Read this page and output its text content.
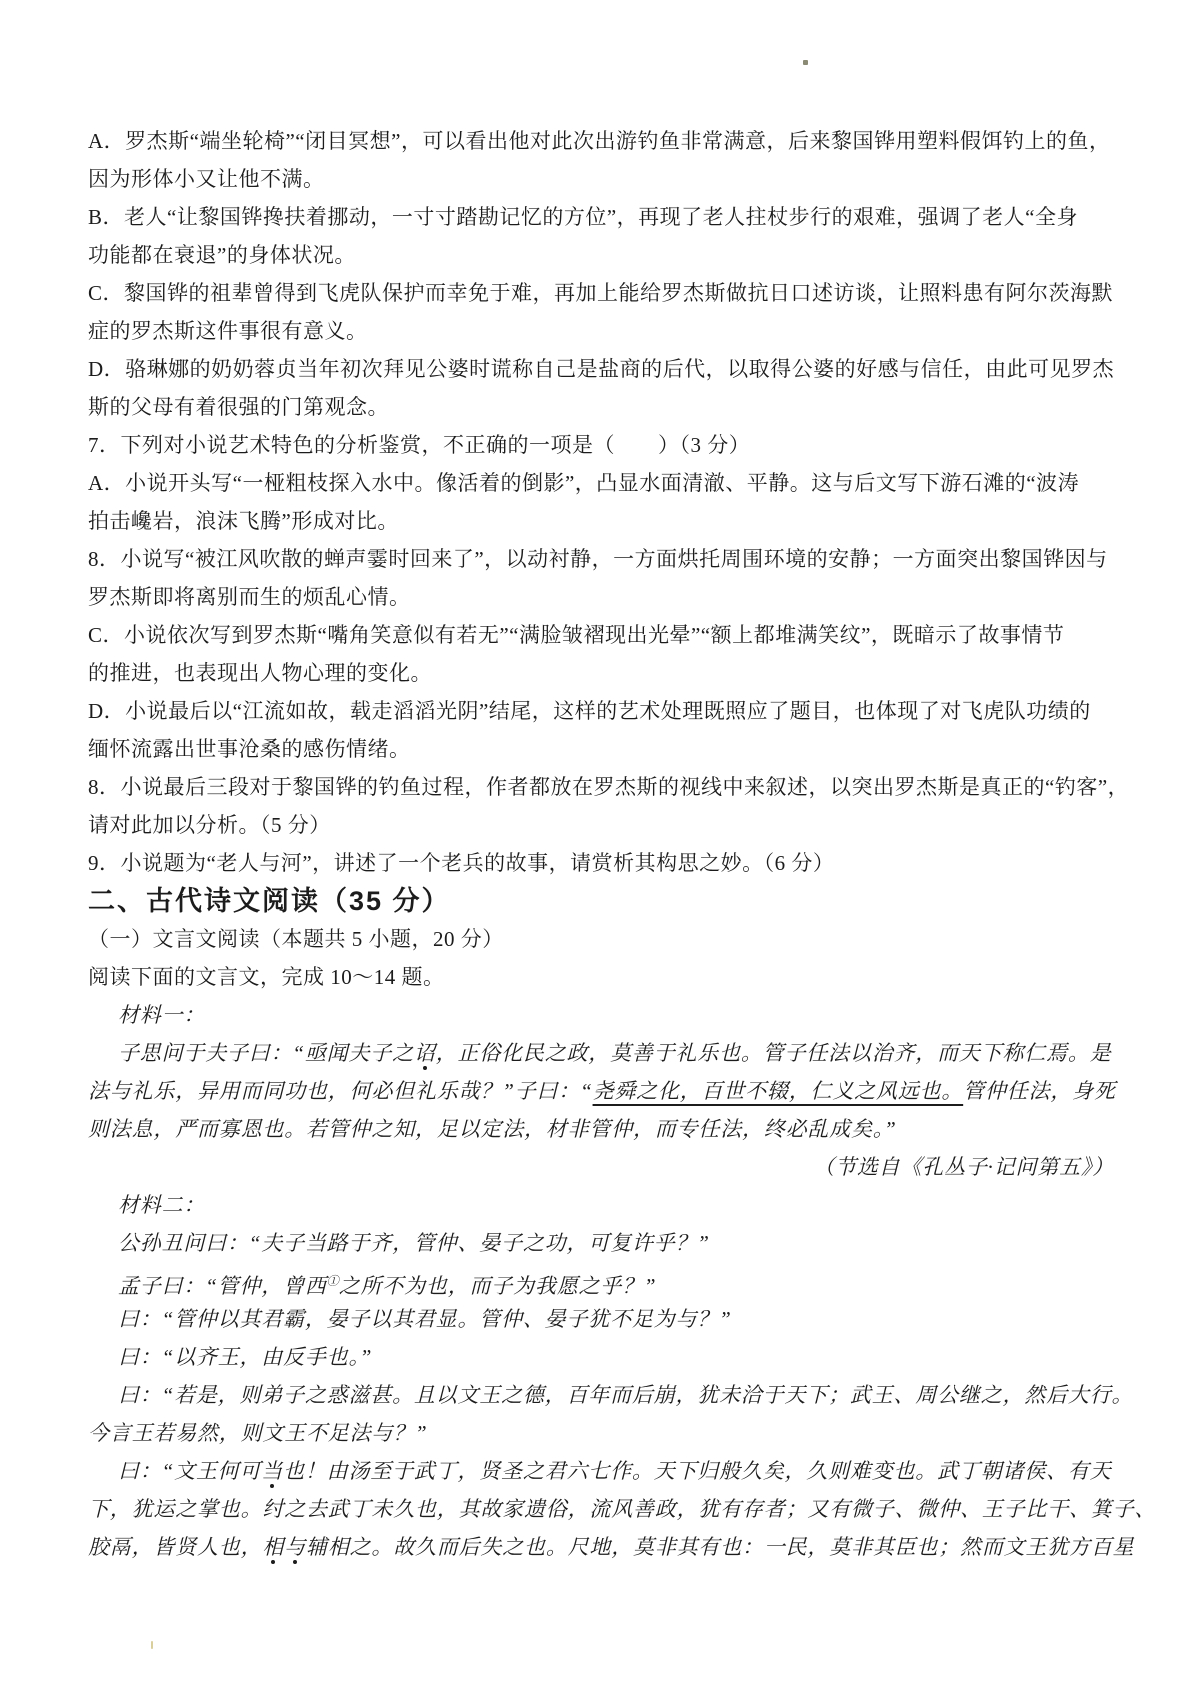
A．罗杰斯“端坐轮椅”“闭目冥想”，可以看出他对此次出游钓鱼非常满意，后来黎国铧用塑料假饵钓上的鱼，
因为形体小又让他不满。
B．老人“让黎国铧搀扶着挪动，一寸寸踏勘记忆的方位”，再现了老人拄杖步行的艰难，强调了老人“全身
功能都在衰退”的身体状况。
C．黎国铧的祖辈曾得到飞虎队保护而幸免于难，再加上能给罗杰斯做抗日口述访谈，让照料患有阿尔茨海默
症的罗杰斯这件事很有意义。
D．骆琳娜的奶奶蓉贞当年初次拜见公婆时谎称自己是盐商的后代，以取得公婆的好感与信任，由此可见罗杰
斯的父母有着很强的门第观念。
7．下列对小说艺术特色的分析鉴赏，不正确的一项是（　　）（3 分）
A．小说开头写“一桠粗枝探入水中。像活着的倒影”，凸显水面清澈、平静。这与后文写下游石滩的“波涛
拍击巉岩，浪沫飞腾”形成对比。
8．小说写“被江风吹散的蝉声霎时回来了”，以动衬静，一方面烘托周围环境的安静；一方面突出黎国铧因与
罗杰斯即将离别而生的烦乱心情。
C．小说依次写到罗杰斯“嘴角笑意似有若无”“满脸皱褶现出光晕”“额上都堆满笑纹”，既暗示了故事情节
的推进，也表现出人物心理的变化。
D．小说最后以“江流如故，载走滔滔光阴”结尾，这样的艺术处理既照应了题目，也体现了对飞虎队功绩的
缅怀流露出世事沧桑的感伤情绪。
8．小说最后三段对于黎国铧的钓鱼过程，作者都放在罗杰斯的视线中来叙述，以突出罗杰斯是真正的“钓客”，
请对此加以分析。（5 分）
9．小说题为“老人与河”，讲述了一个老兵的故事，请赏析其构思之妙。（6 分）
二、古代诗文阅读（35 分）
（一）文言文阅读（本题共 5 小题，20 分）
阅读下面的文言文，完成 10～14 题。
材料一：
子思问于夫子曰：“亟闻夫子之诏，正俗化民之政，莫善于礼乐也。管子任法以治齐，而天下称仁焉。是
法与礼乐，异用而同功也，何必但礼乐哉？”子曰：“尧舜之化，百世不辍，仁义之风远也。管仲任法，身死
则法息，严而寡恩也。若管仲之知，足以定法，材非管仲，而专任法，终必乱成矣。”
（节选自《孔丛子·记问第五》）
材料二：
公孙丑问曰：“夫子当路于齐，管仲、晏子之功，可复许乎？”
孟子曰：“管仲，曾西①之所不为也，而子为我愿之乎？”
曰：“管仲以其君霸，晏子以其君显。管仲、晏子犹不足为与？”
曰：“以齐王，由反手也。”
曰：“若是，则弟子之惑滋甚。且以文王之德，百年而后崩，犹未洽于天下；武王、周公继之，然后大行。
今言王若易然，则文王不足法与？”
曰：“文王何可当也！由汤至于武丁，贤圣之君六七作。天下归般久矣，久则难变也。武丁朝诸侯、有天
下，犹运之掌也。纣之去武丁未久也，其故家遗俗，流风善政，犹有存者；又有微子、微仲、王子比干、箕子、
胶鬲，皆贤人也，相与辅相之。故久而后失之也。尺地，莫非其有也：一民，莫非其臣也；然而文王犹方百星
